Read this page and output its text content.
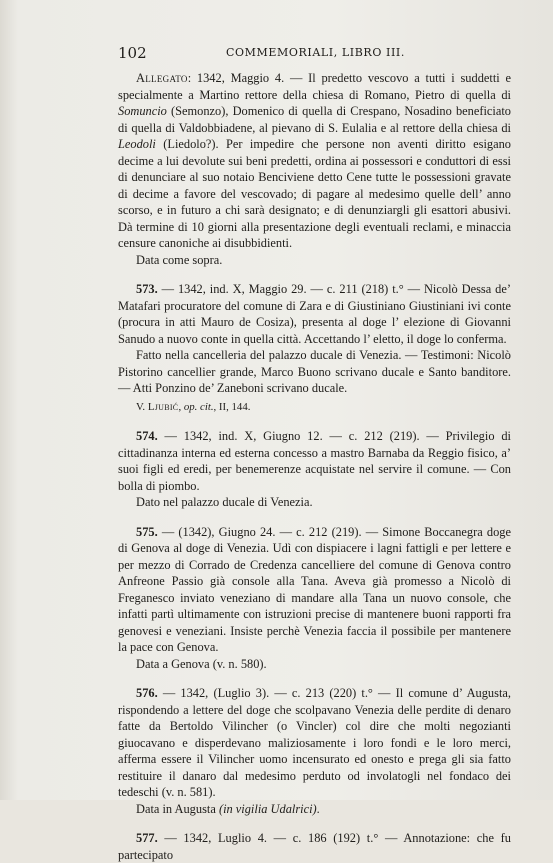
102	COMMEMORIALI, LIBRO III.

Allegato: 1342, Maggio 4. — Il predetto vescovo a tutti i suddetti e specialmente a Martino rettore della chiesa di Romano, Pietro di quella di Somuncio (Semonzo), Domenico di quella di Crespano, Nosadino beneficiato di quella di Valdobbiadene, al pievano di S. Eulalia e al rettore della chiesa di Leodoli (Liedolo?). Per impedire che persone non aventi diritto esigano decime a lui devolute sui beni predetti, ordina ai possessori e conduttori di essi di denunciare al suo notaio Benciviene detto Cene tutte le possessioni gravate di decime a favore del vescovado; di pagare al medesimo quelle dell’ anno scorso, e in futuro a chi sarà designato; e di denunziargli gli esattori abusivi. Dà termine di 10 giorni alla presentazione degli eventuali reclami, e minaccia censure canoniche ai disubbidienti.

Data come sopra.

573. — 1342, ind. X, Maggio 29. — c. 211 (218) t.° — Nicolò Dessa de’ Matafari procuratore del comune di Zara e di Giustiniano Giustiniani ivi conte (procura in atti Mauro de Cosiza), presenta al doge l’ elezione di Giovanni Sanudo a nuovo conte in quella città. Accettando l’ eletto, il doge lo conferma.

Fatto nella cancelleria del palazzo ducale di Venezia. — Testimoni: Nicolò Pistorino cancellier grande, Marco Buono scrivano ducale e Santo banditore. — Atti Ponzino de’ Zaneboni scrivano ducale.

V. Ljubić, op. cit., II, 144.

574. — 1342, ind. X, Giugno 12. — c. 212 (219). — Privilegio di cittadinanza interna ed esterna concesso a mastro Barnaba da Reggio fisico, a’ suoi figli ed eredi, per benemerenze acquistate nel servire il comune. — Con bolla di piombo.

Dato nel palazzo ducale di Venezia.

575. — (1342), Giugno 24. — c. 212 (219). — Simone Boccanegra doge di Genova al doge di Venezia. Udì con dispiacere i lagni fattigli e per lettere e per mezzo di Corrado de Credenza cancelliere del comune di Genova contro Anfreone Passio già console alla Tana. Aveva già promesso a Nicolò di Freganesco inviato veneziano di mandare alla Tana un nuovo console, che infatti partì ultimamente con istruzioni precise di mantenere buoni rapporti fra genovesi e veneziani. Insiste perchè Venezia faccia il possibile per mantenere la pace con Genova.

Data a Genova (v. n. 580).

576. — 1342, (Luglio 3). — c. 213 (220) t.° — Il comune d’ Augusta, rispondendo a lettere del doge che scolpavano Venezia delle perdite di denaro fatte da Bertoldo Vilincher (o Vincler) col dire che molti negozianti giuocavano e disperdevano maliziosamente i loro fondi e le loro merci, afferma essere il Vilincher uomo incensurato ed onesto e prega gli sia fatto restituire il danaro dal medesimo perduto od involatogli nel fondaco dei tedeschi (v. n. 581).

Data in Augusta (in vigilia Udalrici).

577. — 1342, Luglio 4. — c. 186 (192) t.° — Annotazione: che fu partecipato
